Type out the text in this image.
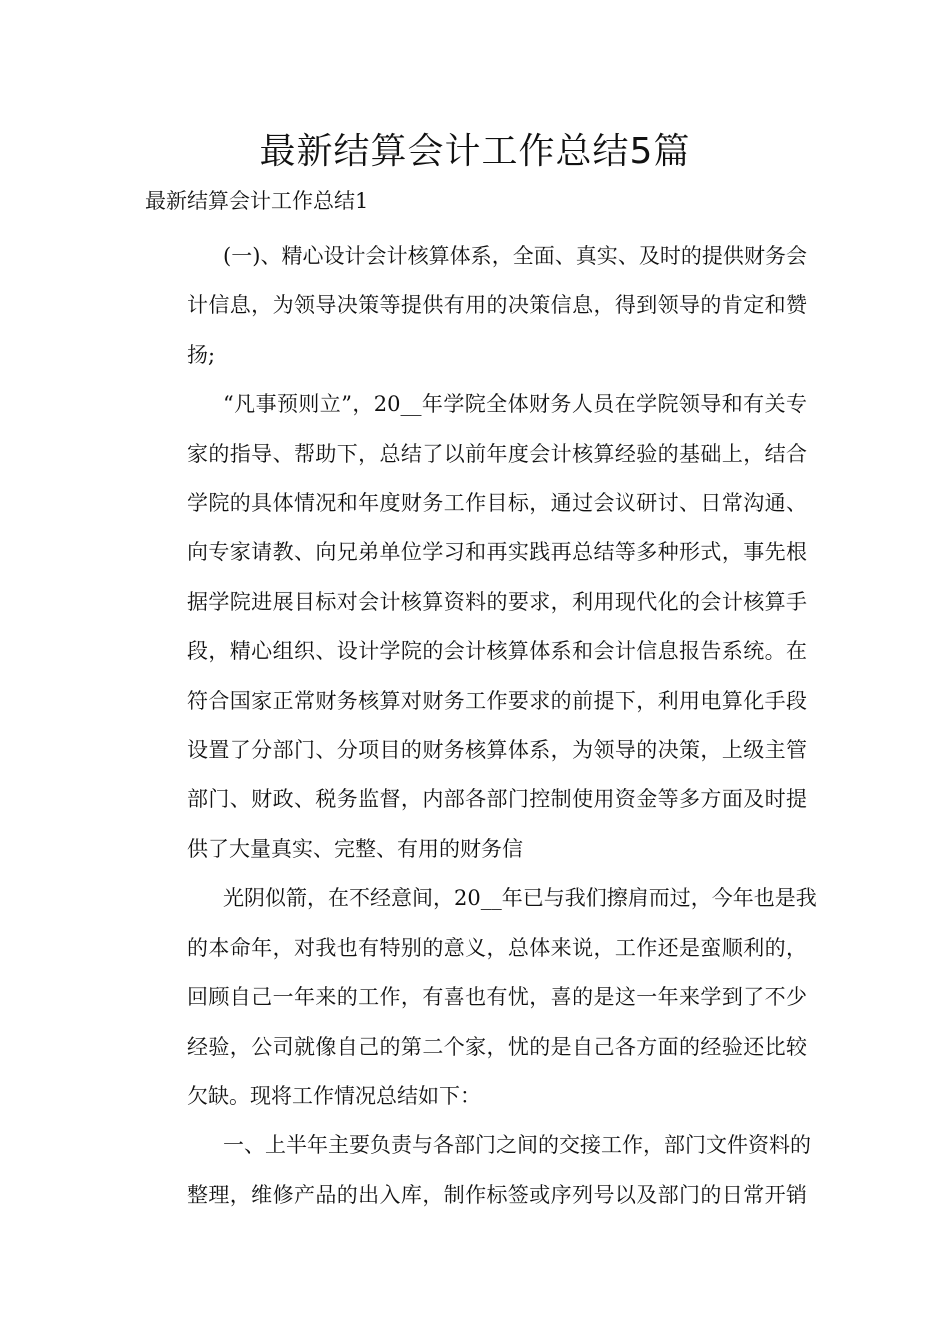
最新结算会计工作总结5篇

最新结算会计工作总结1

(一)、精心设计会计核算体系，全面、真实、及时的提供财务会
计信息，为领导决策等提供有用的决策信息，得到领导的肯定和赞
扬;
“凡事预则立”，20__年学院全体财务人员在学院领导和有关专
家的指导、帮助下，总结了以前年度会计核算经验的基础上，结合
学院的具体情况和年度财务工作目标，通过会议研讨、日常沟通、
向专家请教、向兄弟单位学习和再实践再总结等多种形式，事先根
据学院进展目标对会计核算资料的要求，利用现代化的会计核算手
段，精心组织、设计学院的会计核算体系和会计信息报告系统。在
符合国家正常财务核算对财务工作要求的前提下，利用电算化手段
设置了分部门、分项目的财务核算体系，为领导的决策，上级主管
部门、财政、税务监督，内部各部门控制使用资金等多方面及时提
供了大量真实、完整、有用的财务信
光阴似箭，在不经意间，20__年已与我们擦肩而过，今年也是我
的本命年，对我也有特别的意义，总体来说，工作还是蛮顺利的，
回顾自己一年来的工作，有喜也有忧，喜的是这一年来学到了不少
经验，公司就像自己的第二个家，忧的是自己各方面的经验还比较
欠缺。现将工作情况总结如下：
一、上半年主要负责与各部门之间的交接工作，部门文件资料的
整理，维修产品的出入库，制作标签或序列号以及部门的日常开销
